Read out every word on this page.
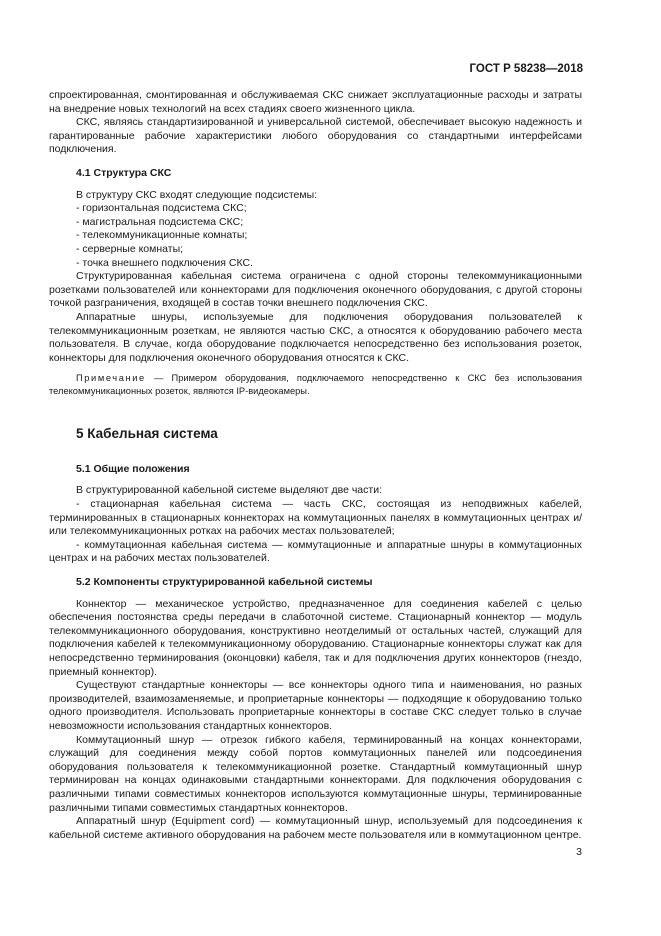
ГОСТ Р 58238—2018

спроектированная, смонтированная и обслуживаемая СКС снижает эксплуатационные расходы и затраты на внедрение новых технологий на всех стадиях своего жизненного цикла.

СКС, являясь стандартизированной и универсальной системой, обеспечивает высокую надежность и гарантированные рабочие характеристики любого оборудования со стандартными интерфейсами подключения.

4.1 Структура СКС

В структуру СКС входят следующие подсистемы:

- горизонтальная подсистема СКС;

- магистральная подсистема СКС;

- телекоммуникационные комнаты;

- серверные комнаты;

- точка внешнего подключения СКС.

Структурированная кабельная система ограничена с одной стороны телекоммуникационными розетками пользователей или коннекторами для подключения оконечного оборудования, с другой стороны точкой разграничения, входящей в состав точки внешнего подключения СКС.

Аппаратные шнуры, используемые для подключения оборудования пользователей к телекоммуникационным розеткам, не являются частью СКС, а относятся к оборудованию рабочего места пользователя. В случае, когда оборудование подключается непосредственно без использования розеток, коннекторы для подключения оконечного оборудования относятся к СКС.

Примечание — Примером оборудования, подключаемого непосредственно к СКС без использования телекоммуникационных розеток, являются IP-видеокамеры.

5 Кабельная система

5.1 Общие положения

В структурированной кабельной системе выделяют две части:

- стационарная кабельная система — часть СКС, состоящая из неподвижных кабелей, терминированных в стационарных коннекторах на коммутационных панелях в коммутационных центрах и/или телекоммуникационных ротках на рабочих местах пользователей;

- коммутационная кабельная система — коммутационные и аппаратные шнуры в коммутационных центрах и на рабочих местах пользователей.

5.2 Компоненты структурированной кабельной системы

Коннектор — механическое устройство, предназначенное для соединения кабелей с целью обеспечения постоянства среды передачи в слаботочной системе. Стационарный коннектор — модуль телекоммуникационного оборудования, конструктивно неотделимый от остальных частей, служащий для подключения кабелей к телекоммуникационному оборудованию. Стационарные коннекторы служат как для непосредственно терминирования (оконцовки) кабеля, так и для подключения других коннекторов (гнездо, приемный коннектор).

Существуют стандартные коннекторы — все коннекторы одного типа и наименования, но разных производителей, взаимозаменяемые, и проприетарные коннекторы — подходящие к оборудованию только одного производителя. Использовать проприетарные коннекторы в составе СКС следует только в случае невозможности использования стандартных коннекторов.

Коммутационный шнур — отрезок гибкого кабеля, терминированный на концах коннекторами, служащий для соединения между собой портов коммутационных панелей или подсоединения оборудования пользователя к телекоммуникационной розетке. Стандартный коммутационный шнур терминирован на концах одинаковыми стандартными коннекторами. Для подключения оборудования с различными типами совместимых коннекторов используются коммутационные шнуры, терминированные различными типами совместимых стандартных коннекторов.

Аппаратный шнур (Equipment cord) — коммутационный шнур, используемый для подсоединения к кабельной системе активного оборудования на рабочем месте пользователя или в коммутационном центре.

3
